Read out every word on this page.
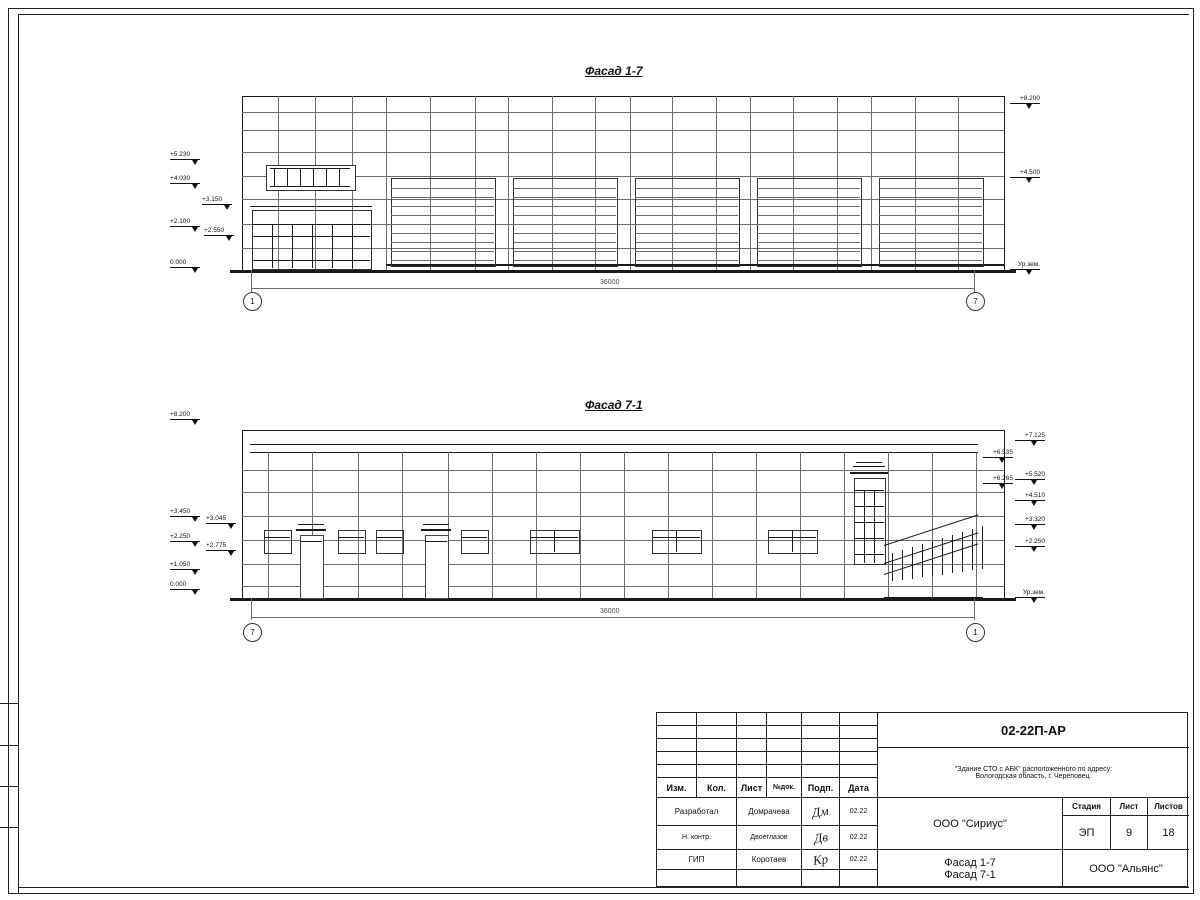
Фасад 1-7
+5.230
+4.030
+3.150
+2.100
+2.550
0.000
+8.200
+4.500
Ур.зем.
1	7
36000
Фасад 7-1
+8.200
+3.450
+3.045
+2.250
+2.775
+1.050
0.000
+7.125
+6.535
+5.520
+6.265
+4.510
+3.320
+2.250
Ур.зем.
7	1
36000
Изм.	Кол.	Лист	№док.	Подп.	Дата
Разработал	Домрачева	Дм	02.22
Н. контр.	Двоеглазов	Дв	02.22
ГИП	Коротаев	Кр	02.22
02-22П-АР
"Здание СТО с АБК" расположенного по адресу:
Вологодская область, г. Череповец.
ООО "Сириус"
Стадия	Лист	Листов
ЭП	9	18
Фасад 1-7
Фасад 7-1	ООО "Альянс"
